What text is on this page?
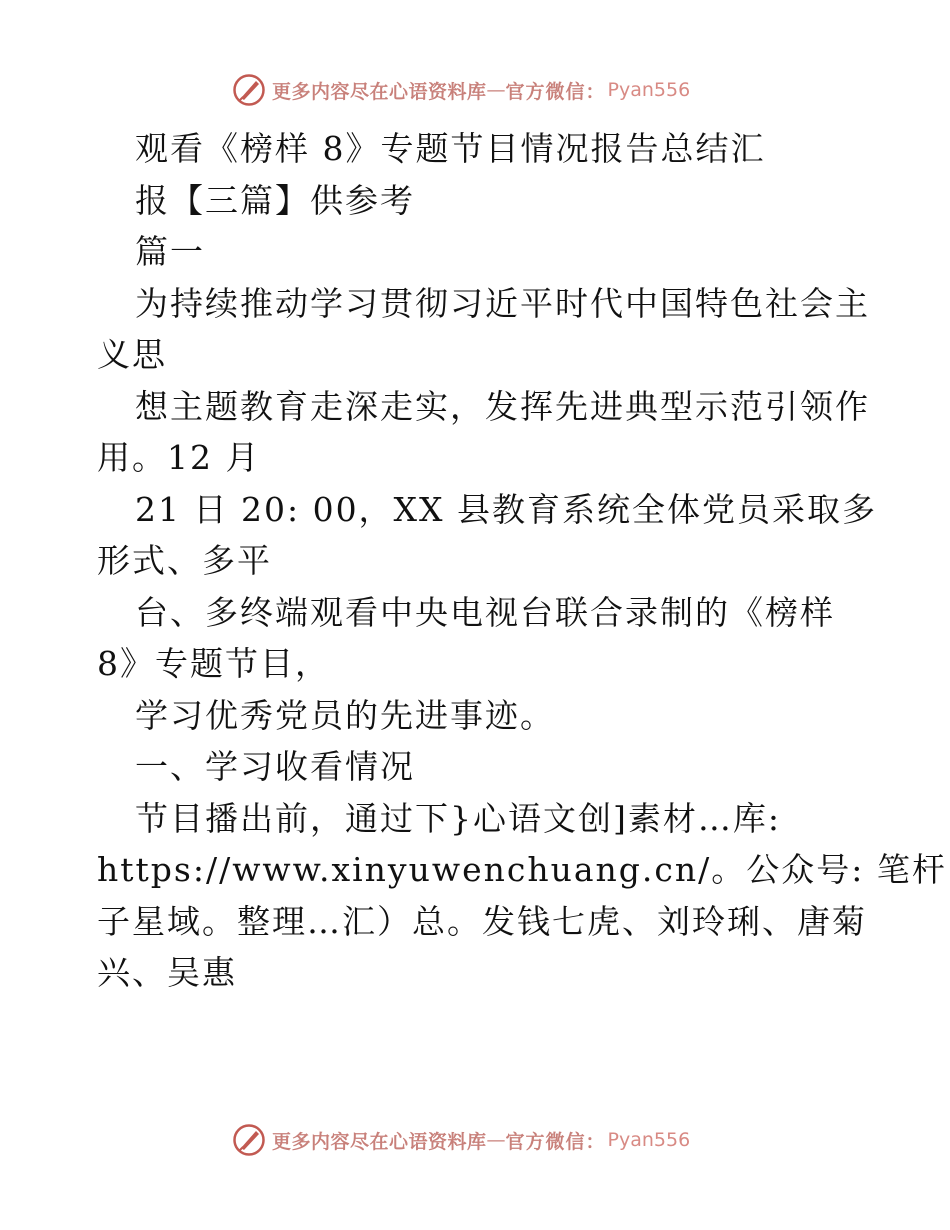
更多内容尽在心语资料库 — 官方微信： Pyan556
观看《榜样 8》专题节目情况报告总结汇
报【三篇】供参考
篇一
为持续推动学习贯彻习近平时代中国特色社会主
义思
想主题教育走深走实，发挥先进典型示范引领作
用。12 月
21 日 20: 00，XX 县教育系统全体党员采取多
形式、多平
台、多终端观看中央电视台联合录制的《榜样
8》专题节目，
学习优秀党员的先进事迹。
一、学习收看情况
节目播出前，通过下}心语文创]素材…库:
https://www.xinyuwenchuang.cn/。公众号: 笔杆
子星域。整理…汇）总。发钱七虎、刘玲琍、唐菊
兴、吴惠
更多内容尽在心语资料库 — 官方微信： Pyan556
